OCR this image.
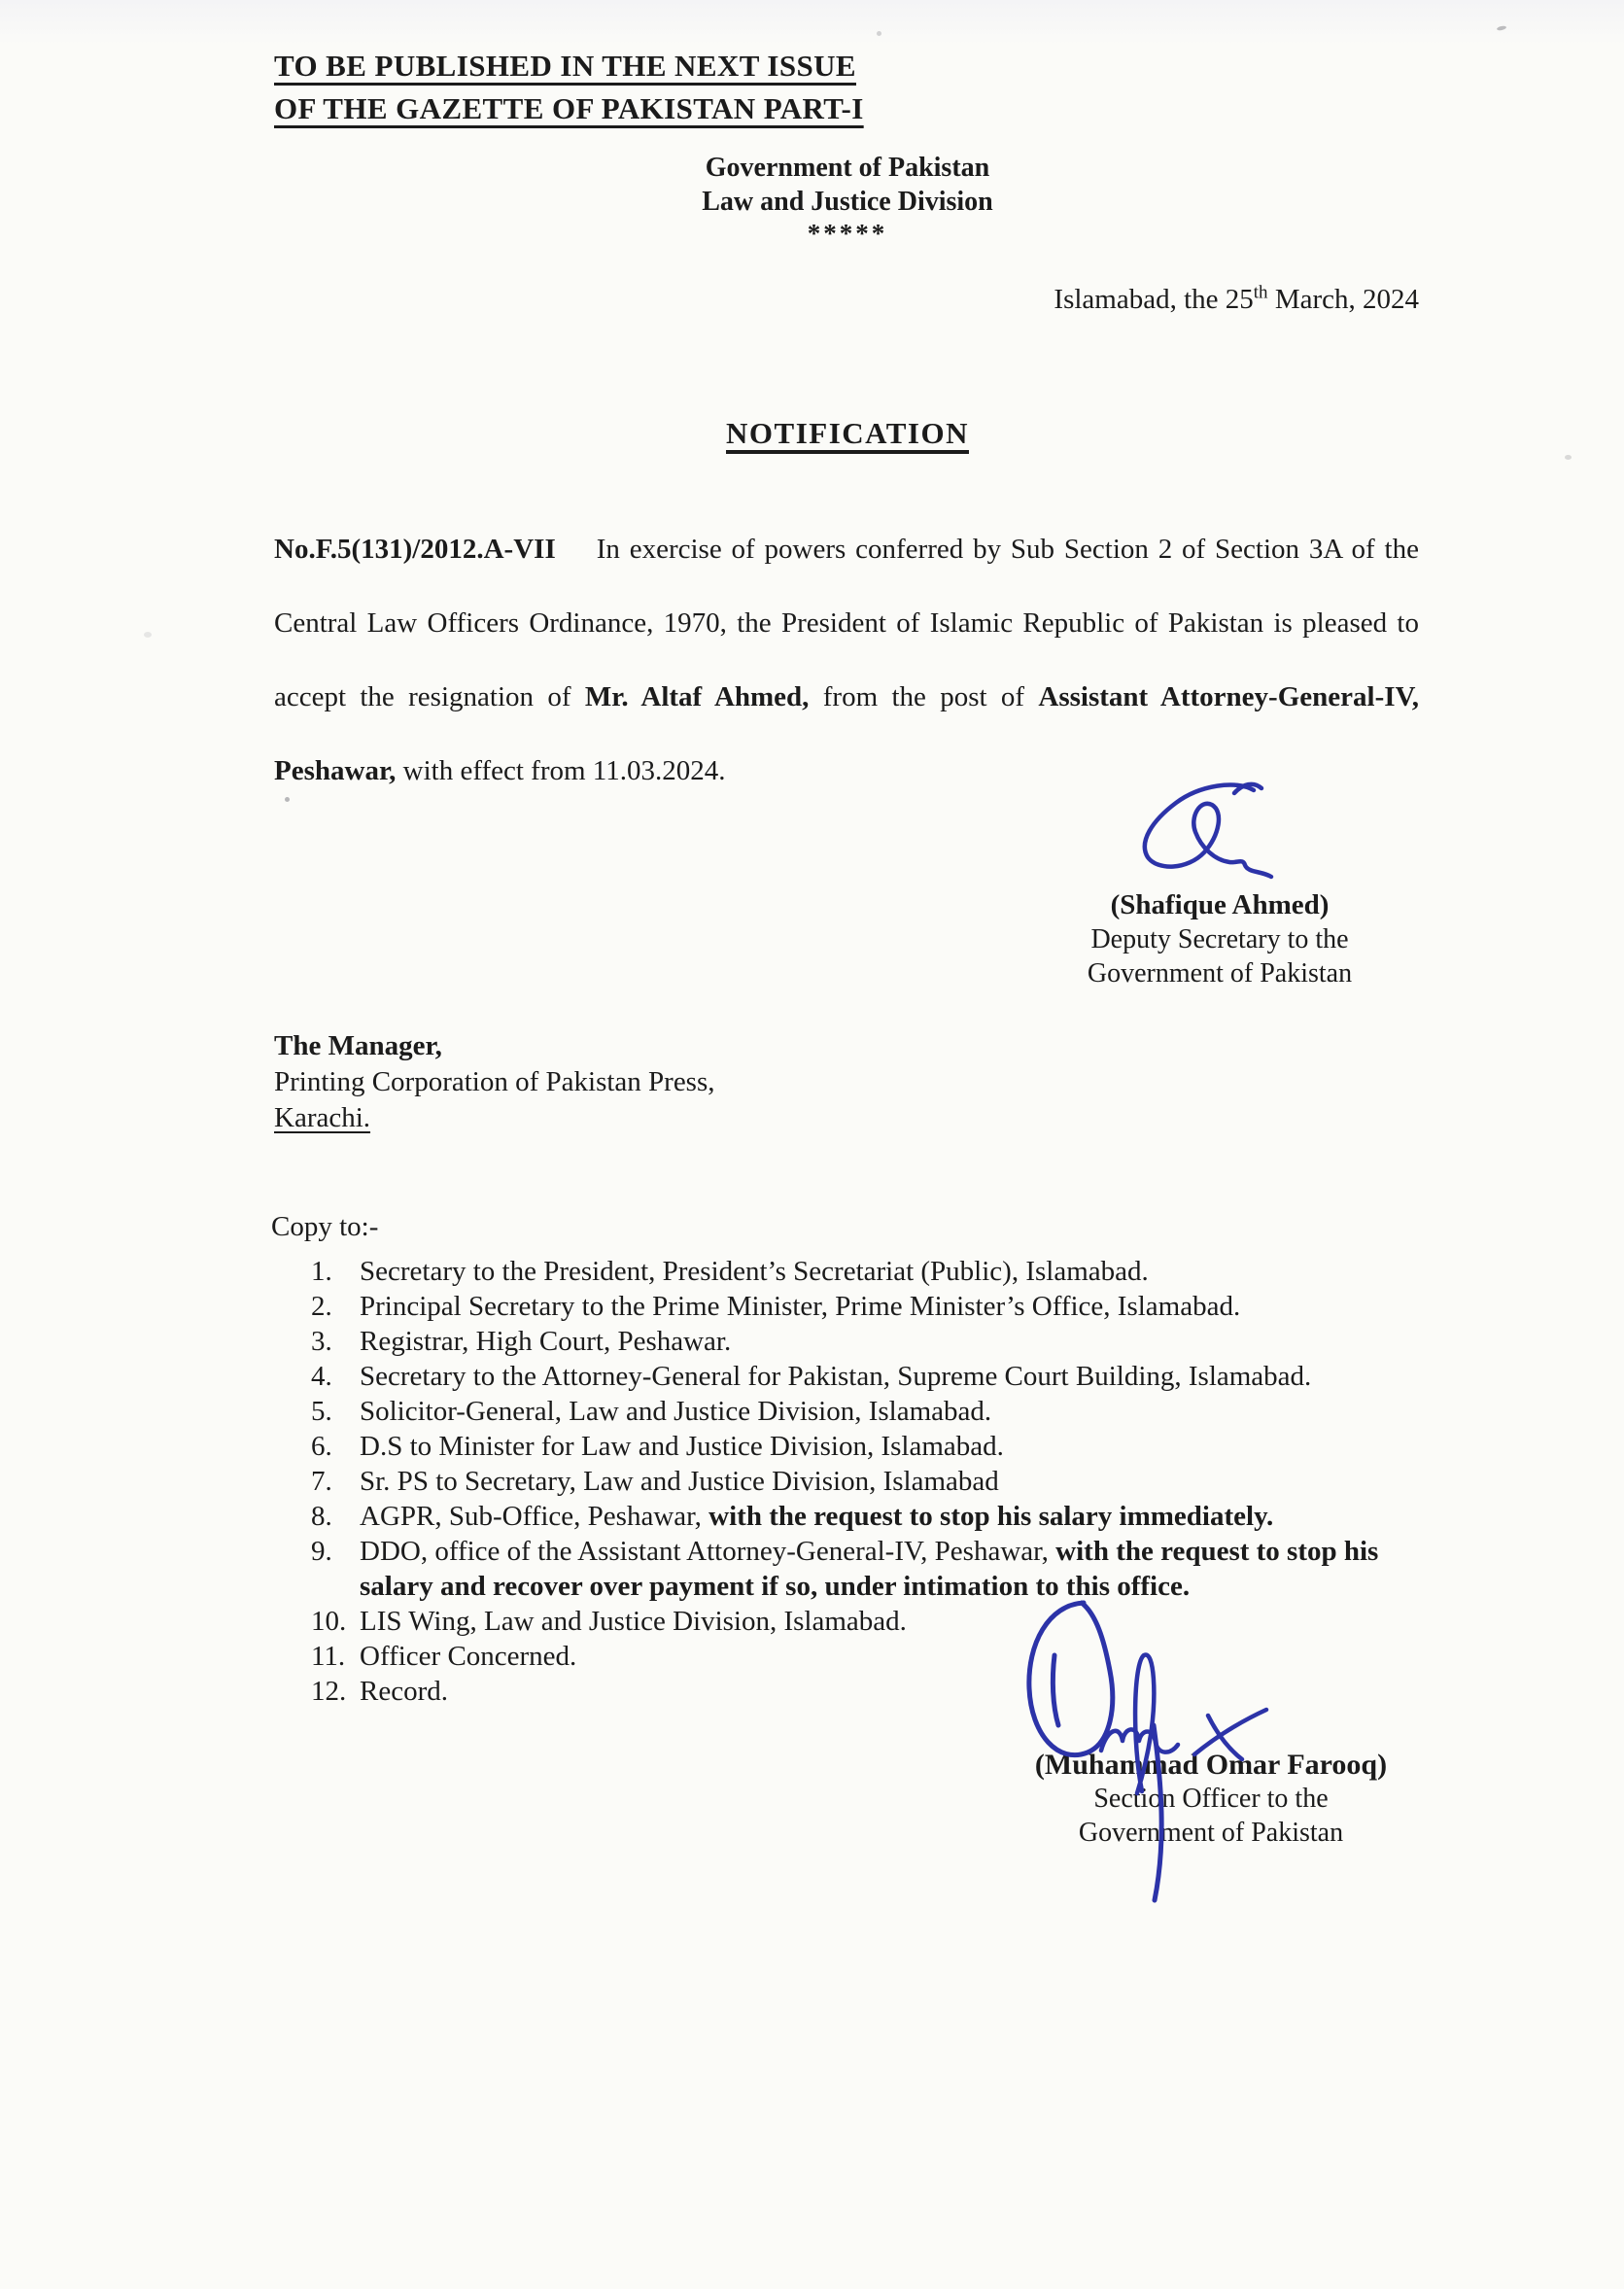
TO BE PUBLISHED IN THE NEXT ISSUE
OF THE GAZETTE OF PAKISTAN PART-I
Government of Pakistan
Law and Justice Division
*****
Islamabad, the 25th March, 2024
NOTIFICATION
No.F.5(131)/2012.A-VII In exercise of powers conferred by Sub Section 2 of Section 3A of the Central Law Officers Ordinance, 1970, the President of Islamic Republic of Pakistan is pleased to accept the resignation of Mr. Altaf Ahmed, from the post of Assistant Attorney-General-IV, Peshawar, with effect from 11.03.2024.
(Shafique Ahmed)
Deputy Secretary to the
Government of Pakistan
The Manager,
Printing Corporation of Pakistan Press,
Karachi.
Copy to:-
1. Secretary to the President, President’s Secretariat (Public), Islamabad.
2. Principal Secretary to the Prime Minister, Prime Minister’s Office, Islamabad.
3. Registrar, High Court, Peshawar.
4. Secretary to the Attorney-General for Pakistan, Supreme Court Building, Islamabad.
5. Solicitor-General, Law and Justice Division, Islamabad.
6. D.S to Minister for Law and Justice Division, Islamabad.
7. Sr. PS to Secretary, Law and Justice Division, Islamabad
8. AGPR, Sub-Office, Peshawar, with the request to stop his salary immediately.
9. DDO, office of the Assistant Attorney-General-IV, Peshawar, with the request to stop his salary and recover over payment if so, under intimation to this office.
10. LIS Wing, Law and Justice Division, Islamabad.
11. Officer Concerned.
12. Record.
(Muhammad Omar Farooq)
Section Officer to the
Government of Pakistan
